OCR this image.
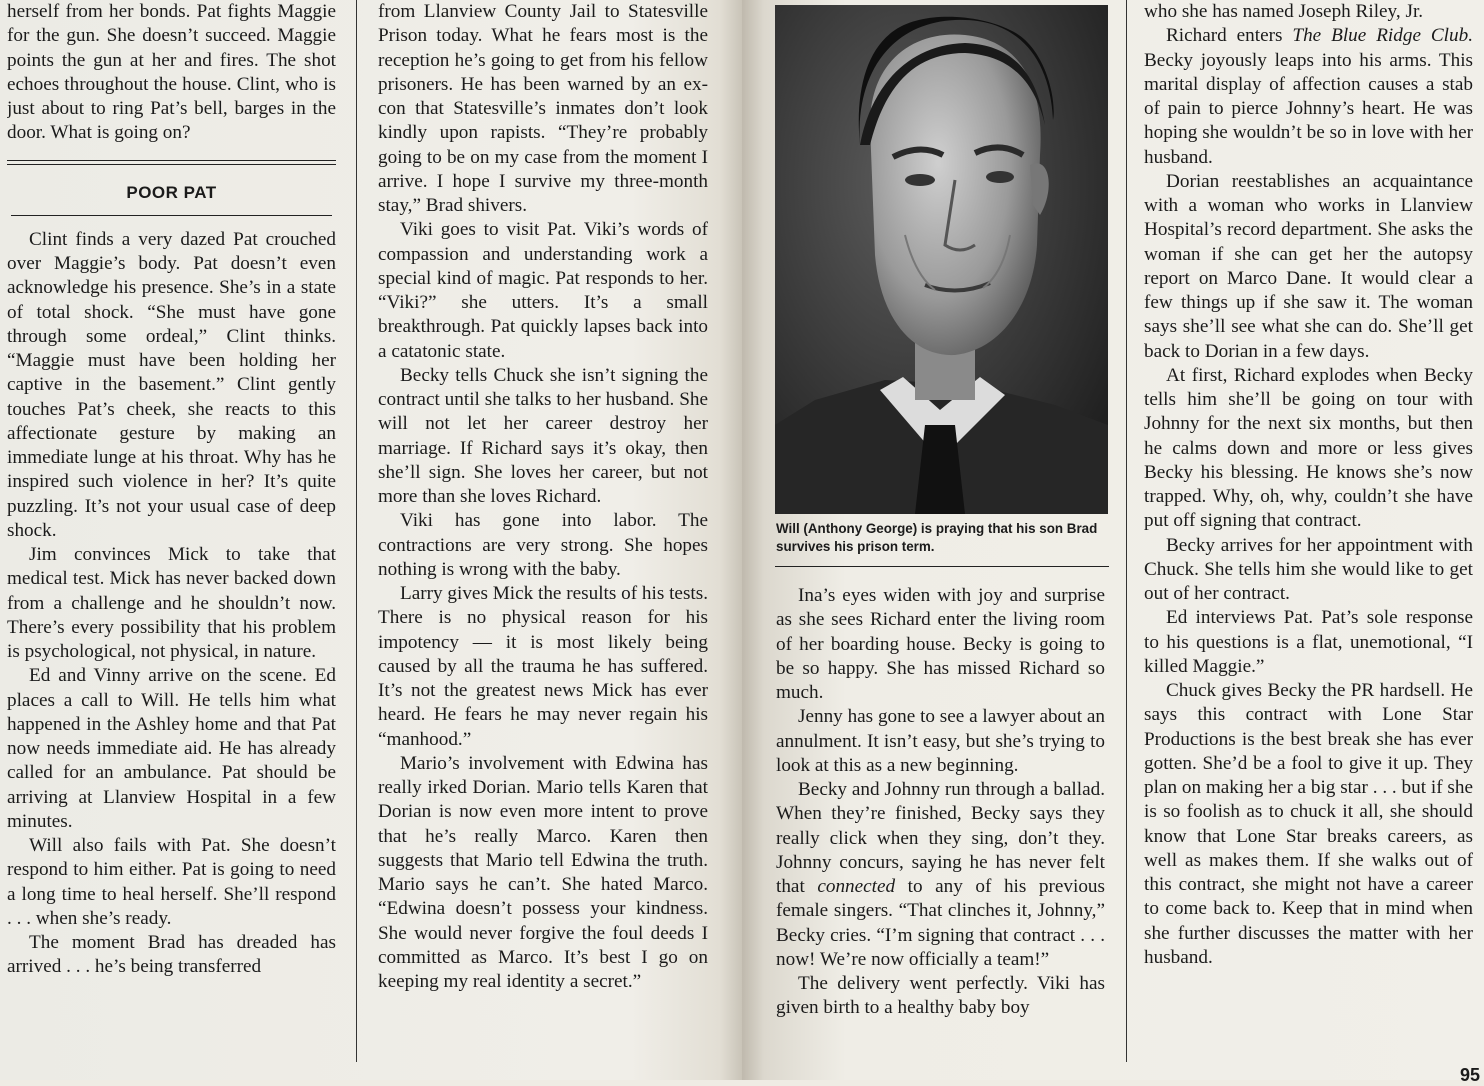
herself from her bonds. Pat fights Maggie for the gun. She doesn’t succeed. Maggie points the gun at her and fires. The shot echoes throughout the house. Clint, who is just about to ring Pat’s bell, barges in the door. What is going on?

POOR PAT

Clint finds a very dazed Pat crouched over Maggie’s body. Pat doesn’t even acknowledge his presence. She’s in a state of total shock. “She must have gone through some ordeal,” Clint thinks. “Maggie must have been holding her captive in the basement.” Clint gently touches Pat’s cheek, she reacts to this affectionate gesture by making an immediate lunge at his throat. Why has he inspired such violence in her? It’s quite puzzling. It’s not your usual case of deep shock.

Jim convinces Mick to take that medical test. Mick has never backed down from a challenge and he shouldn’t now. There’s every possibility that his problem is psychological, not physical, in nature.

Ed and Vinny arrive on the scene. Ed places a call to Will. He tells him what happened in the Ashley home and that Pat now needs immediate aid. He has already called for an ambulance. Pat should be arriving at Llanview Hospital in a few minutes.

Will also fails with Pat. She doesn’t respond to him either. Pat is going to need a long time to heal herself. She’ll respond . . . when she’s ready.

The moment Brad has dreaded has arrived . . . he’s being transferred

from Llanview County Jail to Statesville Prison today. What he fears most is the reception he’s going to get from his fellow prisoners. He has been warned by an ex-con that Statesville’s inmates don’t look kindly upon rapists. “They’re probably going to be on my case from the moment I arrive. I hope I survive my three-month stay,” Brad shivers.

Viki goes to visit Pat. Viki’s words of compassion and understanding work a special kind of magic. Pat responds to her. “Viki?” she utters. It’s a small breakthrough. Pat quickly lapses back into a catatonic state.

Becky tells Chuck she isn’t signing the contract until she talks to her husband. She will not let her career destroy her marriage. If Richard says it’s okay, then she’ll sign. She loves her career, but not more than she loves Richard.

Viki has gone into labor. The contractions are very strong. She hopes nothing is wrong with the baby.

Larry gives Mick the results of his tests. There is no physical reason for his impotency — it is most likely being caused by all the trauma he has suffered. It’s not the greatest news Mick has ever heard. He fears he may never regain his “manhood.”

Mario’s involvement with Edwina has really irked Dorian. Mario tells Karen that Dorian is now even more intent to prove that he’s really Marco. Karen then suggests that Mario tell Edwina the truth. Mario says he can’t. She hated Marco. “Edwina doesn’t possess your kindness. She would never forgive the foul deeds I committed as Marco. It’s best I go on keeping my real identity a secret.”

Will (Anthony George) is praying that his son Brad survives his prison term.

Ina’s eyes widen with joy and surprise as she sees Richard enter the living room of her boarding house. Becky is going to be so happy. She has missed Richard so much.

Jenny has gone to see a lawyer about an annulment. It isn’t easy, but she’s trying to look at this as a new beginning.

Becky and Johnny run through a ballad. When they’re finished, Becky says they really click when they sing, don’t they. Johnny concurs, saying he has never felt that connected to any of his previous female singers. “That clinches it, Johnny,” Becky cries. “I’m signing that contract . . . now! We’re now officially a team!”

The delivery went perfectly. Viki has given birth to a healthy baby boy

who she has named Joseph Riley, Jr.

Richard enters The Blue Ridge Club. Becky joyously leaps into his arms. This marital display of affection causes a stab of pain to pierce Johnny’s heart. He was hoping she wouldn’t be so in love with her husband.

Dorian reestablishes an acquaintance with a woman who works in Llanview Hospital’s record department. She asks the woman if she can get her the autopsy report on Marco Dane. It would clear a few things up if she saw it. The woman says she’ll see what she can do. She’ll get back to Dorian in a few days.

At first, Richard explodes when Becky tells him she’ll be going on tour with Johnny for the next six months, but then he calms down and more or less gives Becky his blessing. He knows she’s now trapped. Why, oh, why, couldn’t she have put off signing that contract.

Becky arrives for her appointment with Chuck. She tells him she would like to get out of her contract.

Ed interviews Pat. Pat’s sole response to his questions is a flat, unemotional, “I killed Maggie.”

Chuck gives Becky the PR hardsell. He says this contract with Lone Star Productions is the best break she has ever gotten. She’d be a fool to give it up. They plan on making her a big star . . . but if she is so foolish as to chuck it all, she should know that Lone Star breaks careers, as well as makes them. If she walks out of this contract, she might not have a career to come back to. Keep that in mind when she further discusses the matter with her husband.

95
